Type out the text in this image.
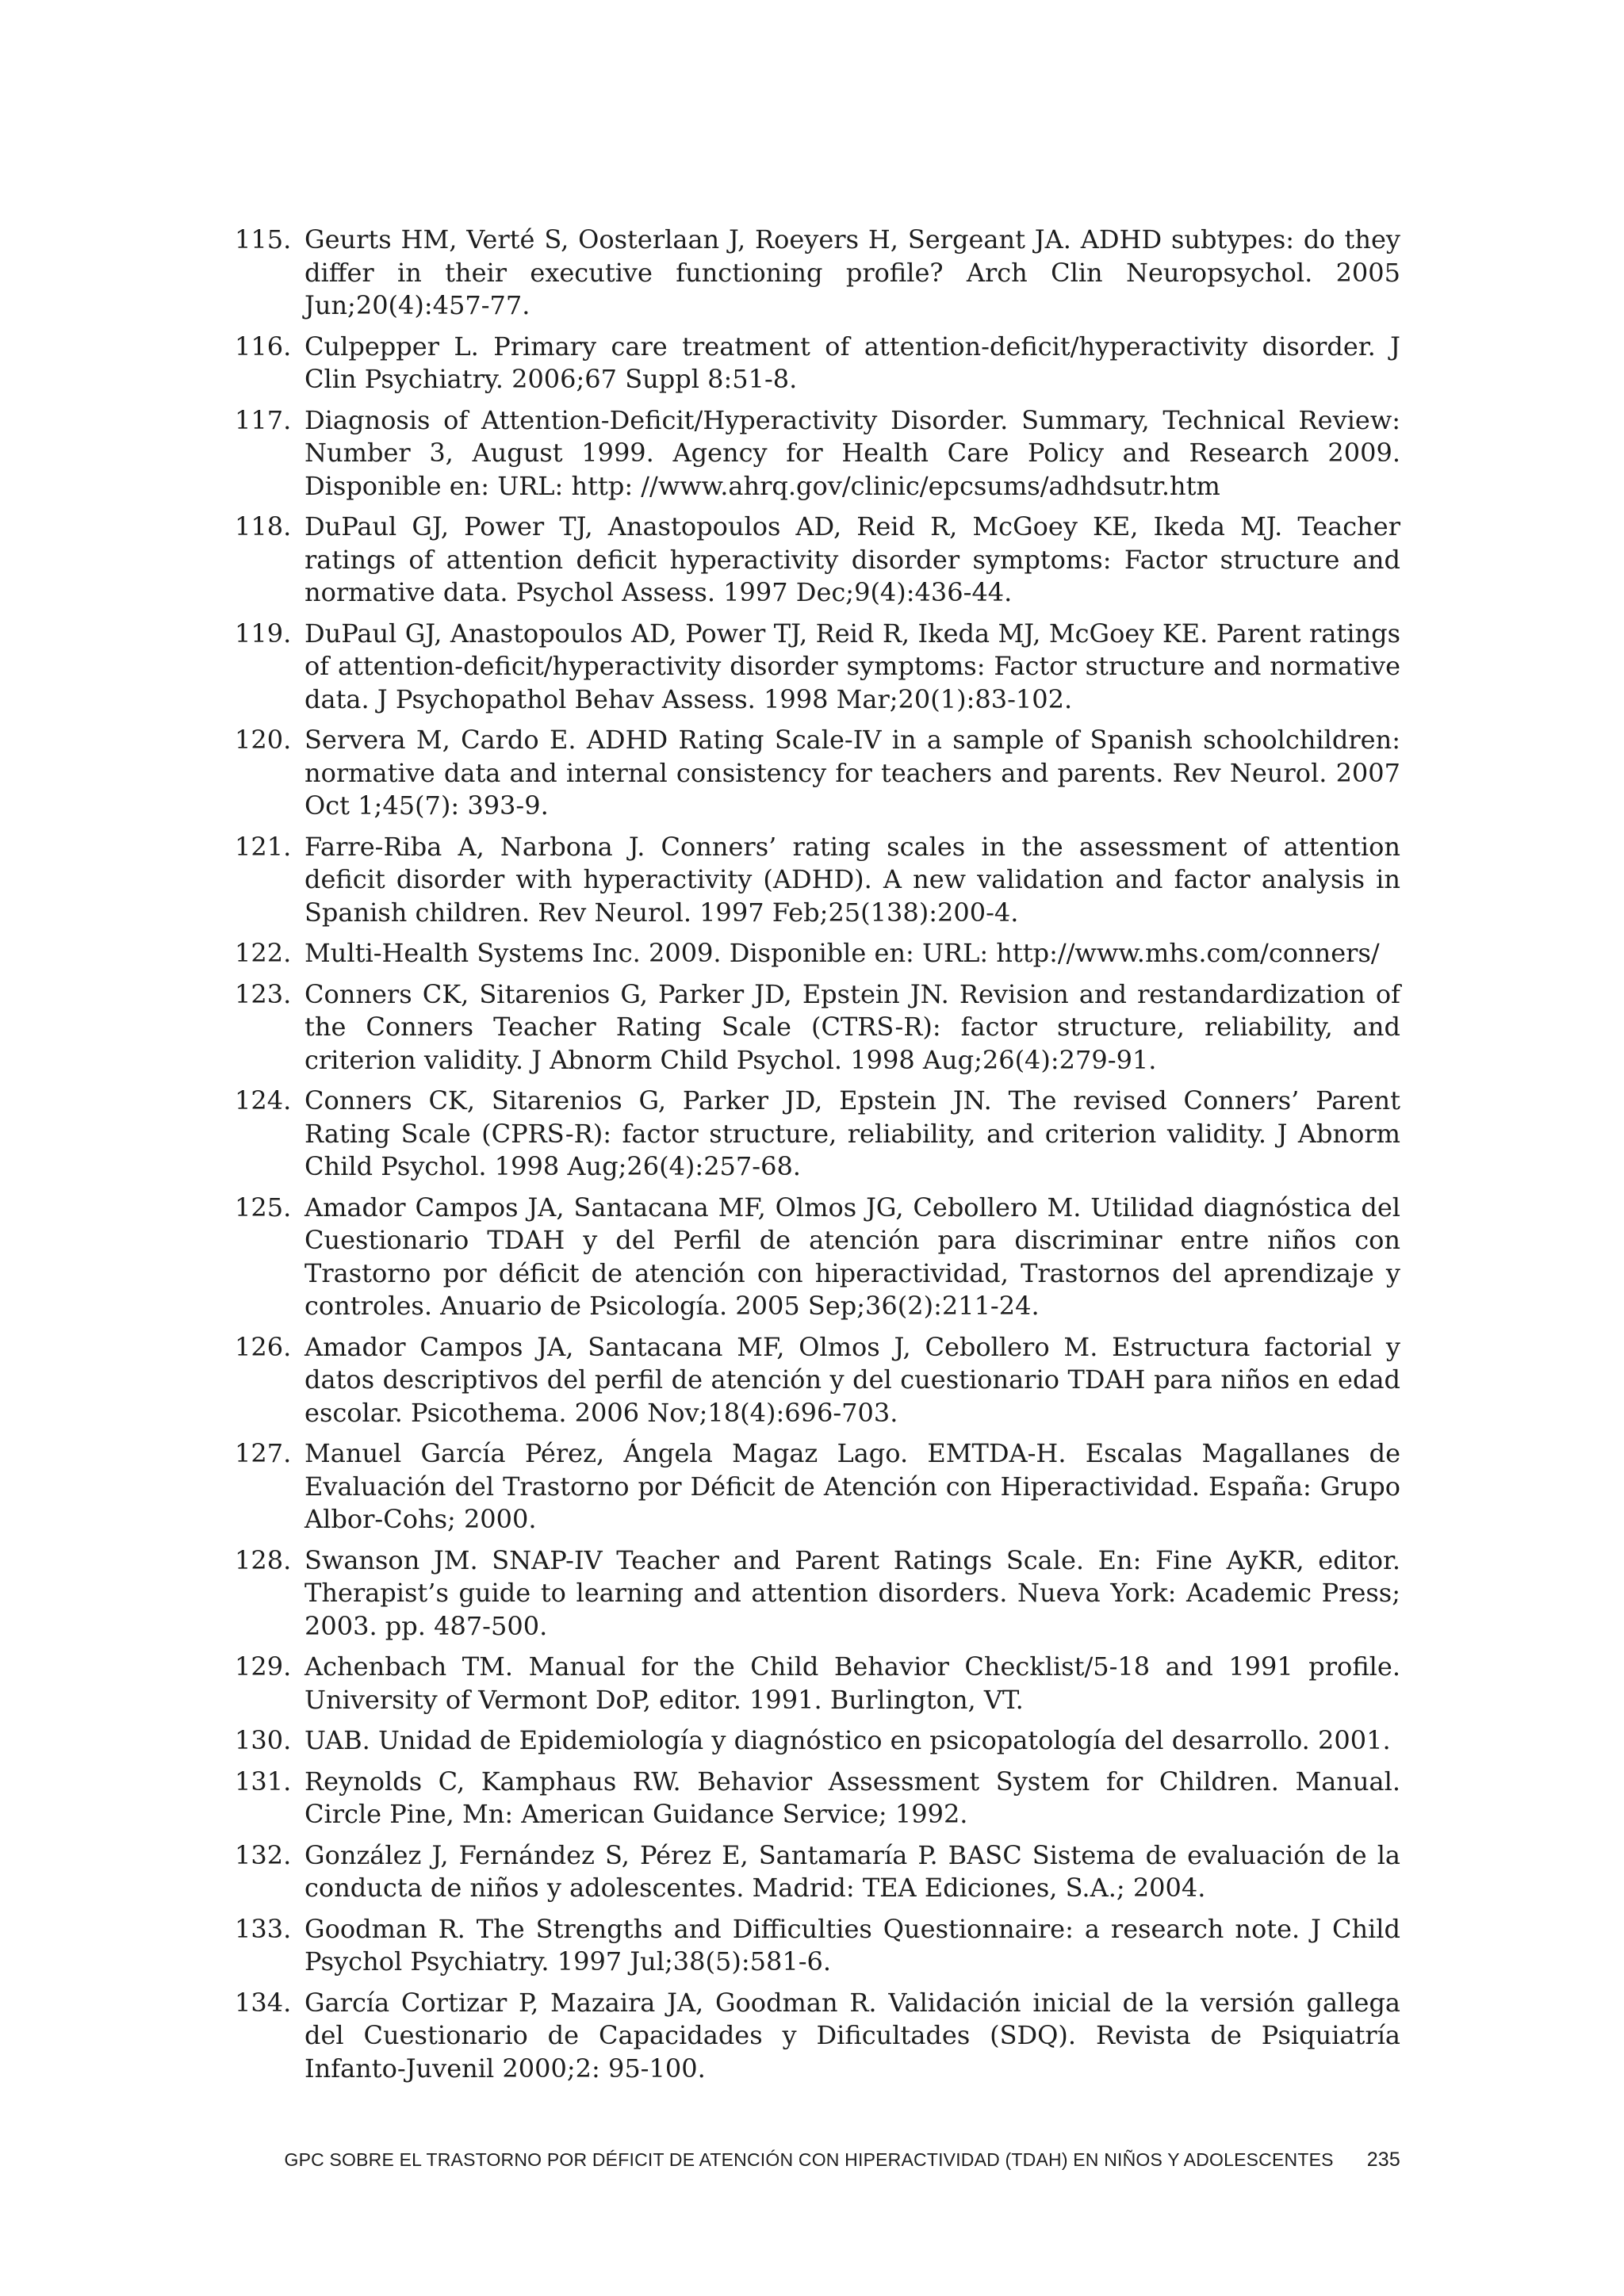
115. Geurts HM, Verté S, Oosterlaan J, Roeyers H, Sergeant JA. ADHD subtypes: do they differ in their executive functioning profile? Arch Clin Neuropsychol. 2005 Jun;20(4):457-77.
116. Culpepper L. Primary care treatment of attention-deficit/hyperactivity disorder. J Clin Psychiatry. 2006;67 Suppl 8:51-8.
117. Diagnosis of Attention-Deficit/Hyperactivity Disorder. Summary, Technical Review: Number 3, August 1999. Agency for Health Care Policy and Research 2009. Disponible en: URL: http: //www.ahrq.gov/clinic/epcsums/adhdsutr.htm
118. DuPaul GJ, Power TJ, Anastopoulos AD, Reid R, McGoey KE, Ikeda MJ. Teacher ratings of attention deficit hyperactivity disorder symptoms: Factor structure and normative data. Psychol Assess. 1997 Dec;9(4):436-44.
119. DuPaul GJ, Anastopoulos AD, Power TJ, Reid R, Ikeda MJ, McGoey KE. Parent ratings of attention-deficit/hyperactivity disorder symptoms: Factor structure and normative data. J Psychopathol Behav Assess. 1998 Mar;20(1):83-102.
120. Servera M, Cardo E. ADHD Rating Scale-IV in a sample of Spanish schoolchildren: normative data and internal consistency for teachers and parents. Rev Neurol. 2007 Oct 1;45(7): 393-9.
121. Farre-Riba A, Narbona J. Conners’ rating scales in the assessment of attention deficit disorder with hyperactivity (ADHD). A new validation and factor analysis in Spanish children. Rev Neurol. 1997 Feb;25(138):200-4.
122. Multi-Health Systems Inc. 2009. Disponible en: URL: http://www.mhs.com/conners/
123. Conners CK, Sitarenios G, Parker JD, Epstein JN. Revision and restandardization of the Conners Teacher Rating Scale (CTRS-R): factor structure, reliability, and criterion validity. J Abnorm Child Psychol. 1998 Aug;26(4):279-91.
124. Conners CK, Sitarenios G, Parker JD, Epstein JN. The revised Conners’ Parent Rating Scale (CPRS-R): factor structure, reliability, and criterion validity. J Abnorm Child Psychol. 1998 Aug;26(4):257-68.
125. Amador Campos JA, Santacana MF, Olmos JG, Cebollero M. Utilidad diagnóstica del Cuestionario TDAH y del Perfil de atención para discriminar entre niños con Trastorno por déficit de atención con hiperactividad, Trastornos del aprendizaje y controles. Anuario de Psicología. 2005 Sep;36(2):211-24.
126. Amador Campos JA, Santacana MF, Olmos J, Cebollero M. Estructura factorial y datos descriptivos del perfil de atención y del cuestionario TDAH para niños en edad escolar. Psicothema. 2006 Nov;18(4):696-703.
127. Manuel García Pérez, Ángela Magaz Lago. EMTDA-H. Escalas Magallanes de Evaluación del Trastorno por Déficit de Atención con Hiperactividad. España: Grupo Albor-Cohs; 2000.
128. Swanson JM. SNAP-IV Teacher and Parent Ratings Scale. En: Fine AyKR, editor. Therapist’s guide to learning and attention disorders. Nueva York: Academic Press; 2003. pp. 487-500.
129. Achenbach TM. Manual for the Child Behavior Checklist/5-18 and 1991 profile. University of Vermont DoP, editor. 1991. Burlington, VT.
130. UAB. Unidad de Epidemiología y diagnóstico en psicopatología del desarrollo. 2001.
131. Reynolds C, Kamphaus RW. Behavior Assessment System for Children. Manual. Circle Pine, Mn: American Guidance Service; 1992.
132. González J, Fernández S, Pérez E, Santamaría P. BASC Sistema de evaluación de la conducta de niños y adolescentes. Madrid: TEA Ediciones, S.A.; 2004.
133. Goodman R. The Strengths and Difficulties Questionnaire: a research note. J Child Psychol Psychiatry. 1997 Jul;38(5):581-6.
134. García Cortizar P, Mazaira JA, Goodman R. Validación inicial de la versión gallega del Cuestionario de Capacidades y Dificultades (SDQ). Revista de Psiquiatría Infanto-Juvenil 2000;2: 95-100.
GPC SOBRE EL TRASTORNO POR DÉFICIT DE ATENCIÓN CON HIPERACTIVIDAD (TDAH) EN NIÑOS Y ADOLESCENTES 235
